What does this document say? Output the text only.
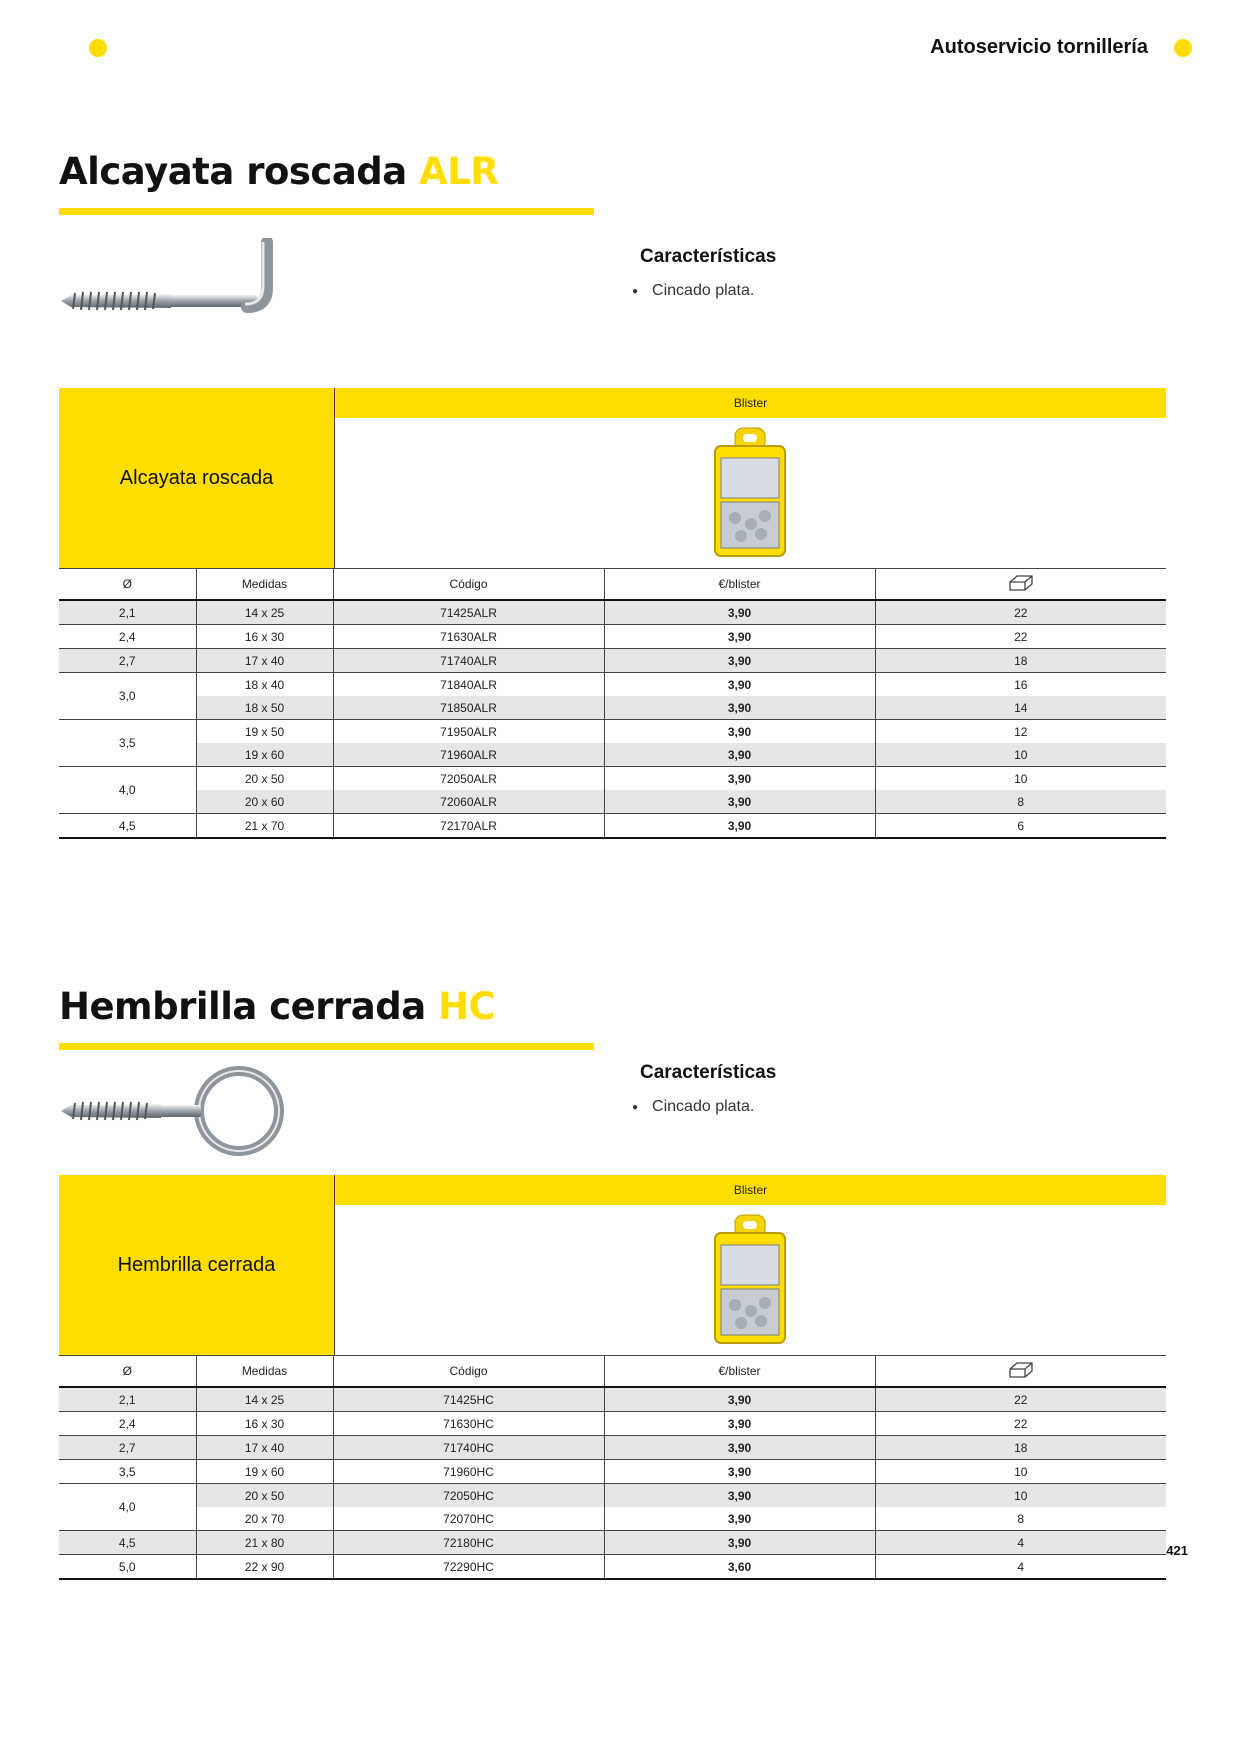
Autoservicio tornillería
Alcayata roscada ALR
Características
● Cincado plata.
Alcayata roscada
Blister
Ø	Medidas	Código	€/blister	
2,1	14 x 25	71425ALR	3,90	22
2,4	16 x 30	71630ALR	3,90	22
2,7	17 x 40	71740ALR	3,90	18
3,0	18 x 40	71840ALR	3,90	16
	18 x 50	71850ALR	3,90	14
3,5	19 x 50	71950ALR	3,90	12
	19 x 60	71960ALR	3,90	10
4,0	20 x 50	72050ALR	3,90	10
	20 x 60	72060ALR	3,90	8
4,5	21 x 70	72170ALR	3,90	6
Hembrilla cerrada HC
Características
● Cincado plata.
Hembrilla cerrada
Blister
Ø	Medidas	Código	€/blister	
2,1	14 x 25	71425HC	3,90	22
2,4	16 x 30	71630HC	3,90	22
2,7	17 x 40	71740HC	3,90	18
3,5	19 x 60	71960HC	3,90	10
4,0	20 x 50	72050HC	3,90	10
	20 x 70	72070HC	3,90	8
4,5	21 x 80	72180HC	3,90	4
5,0	22 x 90	72290HC	3,60	4
421
